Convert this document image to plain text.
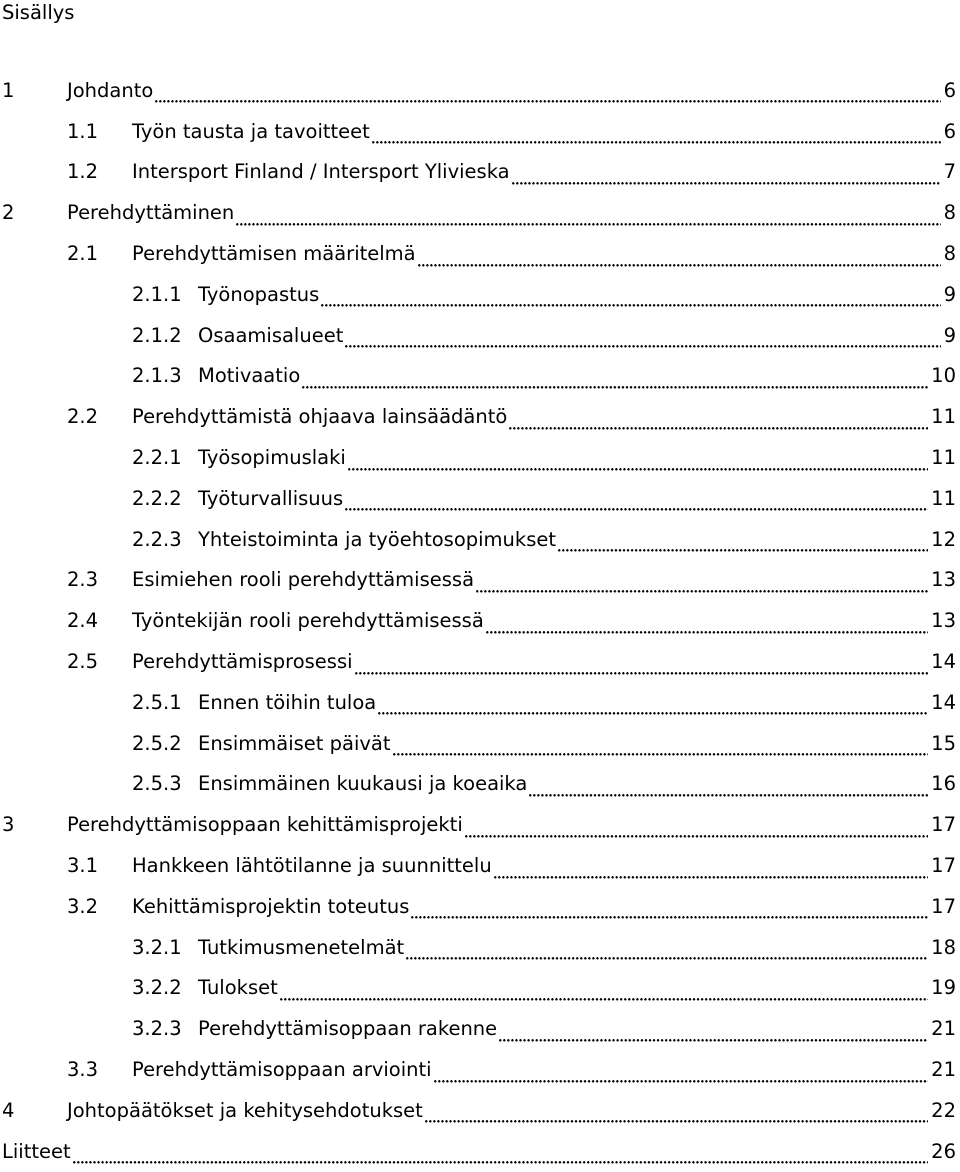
Sisällys
1	Johdanto	6
1.1	Työn tausta ja tavoitteet	6
1.2	Intersport Finland / Intersport Ylivieska	7
2	Perehdyttäminen	8
2.1	Perehdyttämisen määritelmä	8
2.1.1 Työnopastus	9
2.1.2 Osaamisalueet	9
2.1.3 Motivaatio	10
2.2	Perehdyttämistä ohjaava lainsäädäntö	11
2.2.1 Työsopimuslaki	11
2.2.2 Työturvallisuus	11
2.2.3 Yhteistoiminta ja työehtosopimukset	12
2.3	Esimiehen rooli perehdyttämisessä	13
2.4	Työntekijän rooli perehdyttämisessä	13
2.5	Perehdyttämisprosessi	14
2.5.1 Ennen töihin tuloa	14
2.5.2 Ensimmäiset päivät	15
2.5.3 Ensimmäinen kuukausi ja koeaika	16
3	Perehdyttämisoppaan kehittämisprojekti	17
3.1	Hankkeen lähtötilanne ja suunnittelu	17
3.2	Kehittämisprojektin toteutus	17
3.2.1 Tutkimusmenetelmät	18
3.2.2 Tulokset	19
3.2.3 Perehdyttämisoppaan rakenne	21
3.3	Perehdyttämisoppaan arviointi	21
4	Johtopäätökset ja kehitysehdotukset	22
Liitteet	26
